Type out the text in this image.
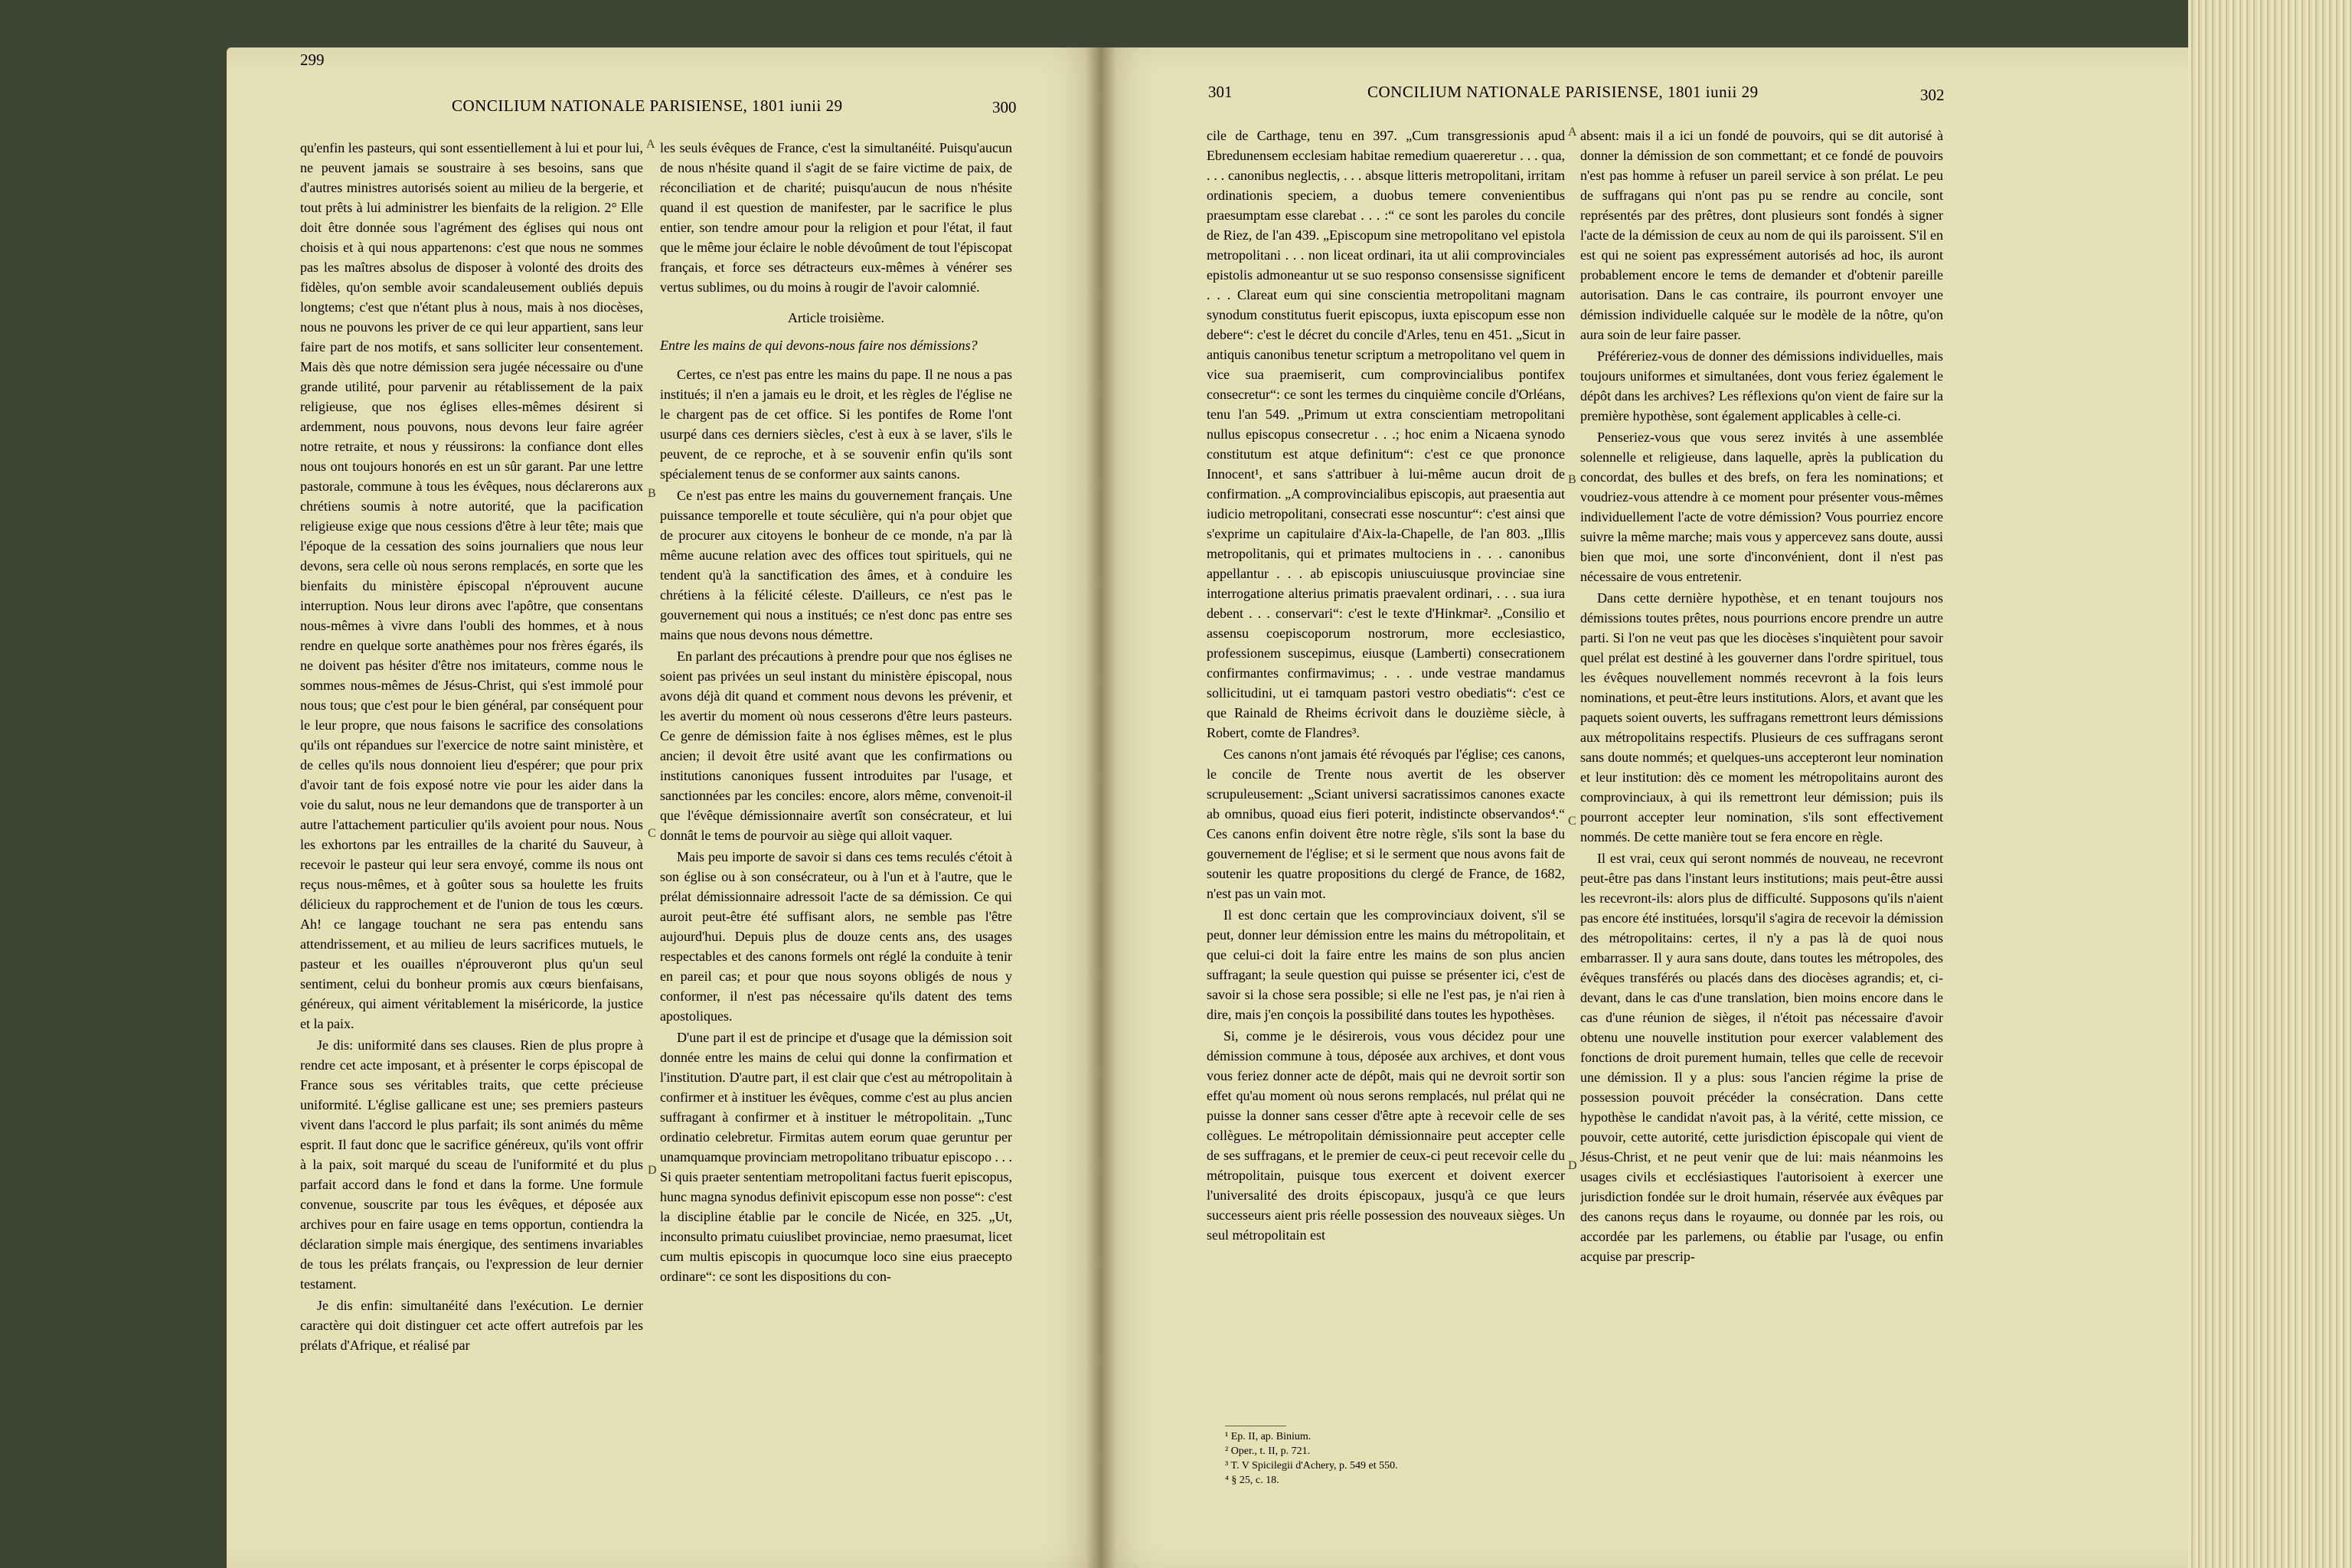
299
CONCILIUM NATIONALE PARISIENSE, 1801 iunii 29	300
301	CONCILIUM NATIONALE PARISIENSE, 1801 iunii 29	302

qu'enfin les pasteurs, qui sont essentiellement à lui et pour lui, ne peuvent jamais se soustraire à ses besoins, sans que d'autres ministres autorisés soient au milieu de la bergerie, et tout prêts à lui administrer les bienfaits de la religion. 2° Elle doit être donnée sous l'agrément des églises qui nous ont choisis et à qui nous appartenons: c'est que nous ne sommes pas les maîtres absolus de disposer à volonté des droits des fidèles, qu'on semble avoir scandaleusement oubliés depuis longtems; c'est que n'étant plus à nous, mais à nos diocèses, nous ne pouvons les priver de ce qui leur appartient, sans leur faire part de nos motifs, et sans solliciter leur consentement. Mais dès que notre démission sera jugée nécessaire ou d'une grande utilité, pour parvenir au rétablissement de la paix religieuse, que nos églises elles-mêmes désirent si ardemment, nous pouvons, nous devons leur faire agréer notre retraite, et nous y réussirons: la confiance dont elles nous ont toujours honorés en est un sûr garant. Par une lettre pastorale, commune à tous les évêques, nous déclarerons aux chrétiens soumis à notre autorité, que la pacification religieuse exige que nous cessions d'être à leur tête; mais que l'époque de la cessation des soins journaliers que nous leur devons, sera celle où nous serons remplacés, en sorte que les bienfaits du ministère épiscopal n'éprouvent aucune interruption. Nous leur dirons avec l'apôtre, que consentans nous-mêmes à vivre dans l'oubli des hommes, et à nous rendre en quelque sorte anathèmes pour nos frères égarés, ils ne doivent pas hésiter d'être nos imitateurs, comme nous le sommes nous-mêmes de Jésus-Christ, qui s'est immolé pour nous tous; que c'est pour le bien général, par conséquent pour le leur propre, que nous faisons le sacrifice des consolations qu'ils ont répandues sur l'exercice de notre saint ministère, et de celles qu'ils nous donnoient lieu d'espérer; que pour prix d'avoir tant de fois exposé notre vie pour les aider dans la voie du salut, nous ne leur demandons que de transporter à un autre l'attachement particulier qu'ils avoient pour nous. Nous les exhortons par les entrailles de la charité du Sauveur, à recevoir le pasteur qui leur sera envoyé, comme ils nous ont reçus nous-mêmes, et à goûter sous sa houlette les fruits délicieux du rapprochement et de l'union de tous les cœurs. Ah! ce langage touchant ne sera pas entendu sans attendrissement, et au milieu de leurs sacrifices mutuels, le pasteur et les ouailles n'éprouveront plus qu'un seul sentiment, celui du bonheur promis aux cœurs bienfaisans, généreux, qui aiment véritablement la miséricorde, la justice et la paix.

Je dis: uniformité dans ses clauses. Rien de plus propre à rendre cet acte imposant, et à présenter le corps épiscopal de France sous ses véritables traits, que cette précieuse uniformité. L'église gallicane est une; ses premiers pasteurs vivent dans l'accord le plus parfait; ils sont animés du même esprit. Il faut donc que le sacrifice généreux, qu'ils vont offrir à la paix, soit marqué du sceau de l'uniformité et du plus parfait accord dans le fond et dans la forme. Une formule convenue, souscrite par tous les évêques, et déposée aux archives pour en faire usage en tems opportun, contiendra la déclaration simple mais énergique, des sentimens invariables de tous les prélats français, ou l'expression de leur dernier testament.

Je dis enfin: simultanéité dans l'exécution. Le dernier caractère qui doit distinguer cet acte offert autrefois par les prélats d'Afrique, et réalisé par

les seuls évêques de France, c'est la simultanéité. Puisqu'aucun de nous n'hésite quand il s'agit de se faire victime de paix, de réconciliation et de charité; puisqu'aucun de nous n'hésite quand il est question de manifester, par le sacrifice le plus entier, son tendre amour pour la religion et pour l'état, il faut que le même jour éclaire le noble dévoûment de tout l'épiscopat français, et force ses détracteurs eux-mêmes à vénérer ses vertus sublimes, ou du moins à rougir de l'avoir calomnié.

Article troisième.

Entre les mains de qui devons-nous faire nos démissions?

Certes, ce n'est pas entre les mains du pape. Il ne nous a pas institués; il n'en a jamais eu le droit, et les règles de l'église ne le chargent pas de cet office. Si les pontifes de Rome l'ont usurpé dans ces derniers siècles, c'est à eux à se laver, s'ils le peuvent, de ce reproche, et à se souvenir enfin qu'ils sont spécialement tenus de se conformer aux saints canons.

Ce n'est pas entre les mains du gouvernement français. Une puissance temporelle et toute séculière, qui n'a pour objet que de procurer aux citoyens le bonheur de ce monde, n'a par là même aucune relation avec des offices tout spirituels, qui ne tendent qu'à la sanctification des âmes, et à conduire les chrétiens à la félicité céleste. D'ailleurs, ce n'est pas le gouvernement qui nous a institués; ce n'est donc pas entre ses mains que nous devons nous démettre.

En parlant des précautions à prendre pour que nos églises ne soient pas privées un seul instant du ministère épiscopal, nous avons déjà dit quand et comment nous devons les prévenir, et les avertir du moment où nous cesserons d'être leurs pasteurs. Ce genre de démission faite à nos églises mêmes, est le plus ancien; il devoit être usité avant que les confirmations ou institutions canoniques fussent introduites par l'usage, et sanctionnées par les conciles: encore, alors même, convenoit-il que l'évêque démissionnaire avertît son consécrateur, et lui donnât le tems de pourvoir au siège qui alloit vaquer.

Mais peu importe de savoir si dans ces tems reculés c'étoit à son église ou à son consécrateur, ou à l'un et à l'autre, que le prélat démissionnaire adressoit l'acte de sa démission. Ce qui auroit peut-être été suffisant alors, ne semble pas l'être aujourd'hui. Depuis plus de douze cents ans, des usages respectables et des canons formels ont réglé la conduite à tenir en pareil cas; et pour que nous soyons obligés de nous y conformer, il n'est pas nécessaire qu'ils datent des tems apostoliques.

D'une part il est de principe et d'usage que la démission soit donnée entre les mains de celui qui donne la confirmation et l'institution. D'autre part, il est clair que c'est au métropolitain à confirmer et à instituer les évêques, comme c'est au plus ancien suffragant à confirmer et à instituer le métropolitain. „Tunc ordinatio celebretur. Firmitas autem eorum quae geruntur per unamquamque provinciam metropolitano tribuatur episcopo . . . Si quis praeter sententiam metropolitani factus fuerit episcopus, hunc magna synodus definivit episcopum esse non posse“: c'est la discipline établie par le concile de Nicée, en 325. „Ut, inconsulto primatu cuiuslibet provinciae, nemo praesumat, licet cum multis episcopis in quocumque loco sine eius praecepto ordinare“: ce sont les dispositions du con-

cile de Carthage, tenu en 397. „Cum transgressionis apud Ebredunensem ecclesiam habitae remedium quaereretur . . . qua, . . . canonibus neglectis, . . . absque litteris metropolitani, irritam ordinationis speciem, a duobus temere convenientibus praesumptam esse clarebat . . . :“ ce sont les paroles du concile de Riez, de l'an 439. „Episcopum sine metropolitano vel epistola metropolitani . . . non liceat ordinari, ita ut alii comprovinciales epistolis admoneantur ut se suo responso consensisse significent . . . Clareat eum qui sine conscientia metropolitani magnam synodum constitutus fuerit episcopus, iuxta episcopum esse non debere“: c'est le décret du concile d'Arles, tenu en 451. „Sicut in antiquis canonibus tenetur scriptum a metropolitano vel quem in vice sua praemiserit, cum comprovincialibus pontifex consecretur“: ce sont les termes du cinquième concile d'Orléans, tenu l'an 549. „Primum ut extra conscientiam metropolitani nullus episcopus consecretur . . .; hoc enim a Nicaena synodo constitutum est atque definitum“: c'est ce que prononce Innocent¹, et sans s'attribuer à lui-même aucun droit de confirmation. „A comprovincialibus episcopis, aut praesentia aut iudicio metropolitani, consecrati esse noscuntur“: c'est ainsi que s'exprime un capitulaire d'Aix-la-Chapelle, de l'an 803. „Illis metropolitanis, qui et primates multociens in . . . canonibus appellantur . . . ab episcopis uniuscuiusque provinciae sine interrogatione alterius primatis praevalent ordinari, . . . sua iura debent . . . conservari“: c'est le texte d'Hinkmar². „Consilio et assensu coepiscoporum nostrorum, more ecclesiastico, professionem suscepimus, eiusque (Lamberti) consecrationem confirmantes confirmavimus; . . . unde vestrae mandamus sollicitudini, ut ei tamquam pastori vestro obediatis“: c'est ce que Rainald de Rheims écrivoit dans le douzième siècle, à Robert, comte de Flandres³.

Ces canons n'ont jamais été révoqués par l'église; ces canons, le concile de Trente nous avertit de les observer scrupuleusement: „Sciant universi sacratissimos canones exacte ab omnibus, quoad eius fieri poterit, indistincte observandos⁴.“ Ces canons enfin doivent être notre règle, s'ils sont la base du gouvernement de l'église; et si le serment que nous avons fait de soutenir les quatre propositions du clergé de France, de 1682, n'est pas un vain mot.

Il est donc certain que les comprovinciaux doivent, s'il se peut, donner leur démission entre les mains du métropolitain, et que celui-ci doit la faire entre les mains de son plus ancien suffragant; la seule question qui puisse se présenter ici, c'est de savoir si la chose sera possible; si elle ne l'est pas, je n'ai rien à dire, mais j'en conçois la possibilité dans toutes les hypothèses.

Si, comme je le désirerois, vous vous décidez pour une démission commune à tous, déposée aux archives, et dont vous vous feriez donner acte de dépôt, mais qui ne devroit sortir son effet qu'au moment où nous serons remplacés, nul prélat qui ne puisse la donner sans cesser d'être apte à recevoir celle de ses collègues. Le métropolitain démissionnaire peut accepter celle de ses suffragans, et le premier de ceux-ci peut recevoir celle du métropolitain, puisque tous exercent et doivent exercer l'universalité des droits épiscopaux, jusqu'à ce que leurs successeurs aient pris réelle possession des nouveaux sièges. Un seul métropolitain est

absent: mais il a ici un fondé de pouvoirs, qui se dit autorisé à donner la démission de son commettant; et ce fondé de pouvoirs n'est pas homme à refuser un pareil service à son prélat. Le peu de suffragans qui n'ont pas pu se rendre au concile, sont représentés par des prêtres, dont plusieurs sont fondés à signer l'acte de la démission de ceux au nom de qui ils paroissent. S'il en est qui ne soient pas expressément autorisés ad hoc, ils auront probablement encore le tems de demander et d'obtenir pareille autorisation. Dans le cas contraire, ils pourront envoyer une démission individuelle calquée sur le modèle de la nôtre, qu'on aura soin de leur faire passer.

Préféreriez-vous de donner des démissions individuelles, mais toujours uniformes et simultanées, dont vous feriez également le dépôt dans les archives? Les réflexions qu'on vient de faire sur la première hypothèse, sont également applicables à celle-ci.

Penseriez-vous que vous serez invités à une assemblée solennelle et religieuse, dans laquelle, après la publication du concordat, des bulles et des brefs, on fera les nominations; et voudriez-vous attendre à ce moment pour présenter vous-mêmes individuellement l'acte de votre démission? Vous pourriez encore suivre la même marche; mais vous y appercevez sans doute, aussi bien que moi, une sorte d'inconvénient, dont il n'est pas nécessaire de vous entretenir.

Dans cette dernière hypothèse, et en tenant toujours nos démissions toutes prêtes, nous pourrions encore prendre un autre parti. Si l'on ne veut pas que les diocèses s'inquiètent pour savoir quel prélat est destiné à les gouverner dans l'ordre spirituel, tous les évêques nouvellement nommés recevront à la fois leurs nominations, et peut-être leurs institutions. Alors, et avant que les paquets soient ouverts, les suffragans remettront leurs démissions aux métropolitains respectifs. Plusieurs de ces suffragans seront sans doute nommés; et quelques-uns accepteront leur nomination et leur institution: dès ce moment les métropolitains auront des comprovinciaux, à qui ils remettront leur démission; puis ils pourront accepter leur nomination, s'ils sont effectivement nommés. De cette manière tout se fera encore en règle.

Il est vrai, ceux qui seront nommés de nouveau, ne recevront peut-être pas dans l'instant leurs institutions; mais peut-être aussi les recevront-ils: alors plus de difficulté. Supposons qu'ils n'aient pas encore été instituées, lorsqu'il s'agira de recevoir la démission des métropolitains: certes, il n'y a pas là de quoi nous embarrasser. Il y aura sans doute, dans toutes les métropoles, des évêques transférés ou placés dans des diocèses agrandis; et, ci-devant, dans le cas d'une translation, bien moins encore dans le cas d'une réunion de sièges, il n'étoit pas nécessaire d'avoir obtenu une nouvelle institution pour exercer valablement des fonctions de droit purement humain, telles que celle de recevoir une démission. Il y a plus: sous l'ancien régime la prise de possession pouvoit précéder la consécration. Dans cette hypothèse le candidat n'avoit pas, à la vérité, cette mission, ce pouvoir, cette autorité, cette jurisdiction épiscopale qui vient de Jésus-Christ, et ne peut venir que de lui: mais néanmoins les usages civils et ecclésiastiques l'autorisoient à exercer une jurisdiction fondée sur le droit humain, réservée aux évêques par des canons reçus dans le royaume, ou donnée par les rois, ou accordée par les parlemens, ou établie par l'usage, ou enfin acquise par prescrip-

¹ Ep. II, ap. Binium.
² Oper., t. II, p. 721.
³ T. V Spicilegii d'Achery, p. 549 et 550.
⁴ § 25, c. 18.
A
B
C
D
A
B
C
D
